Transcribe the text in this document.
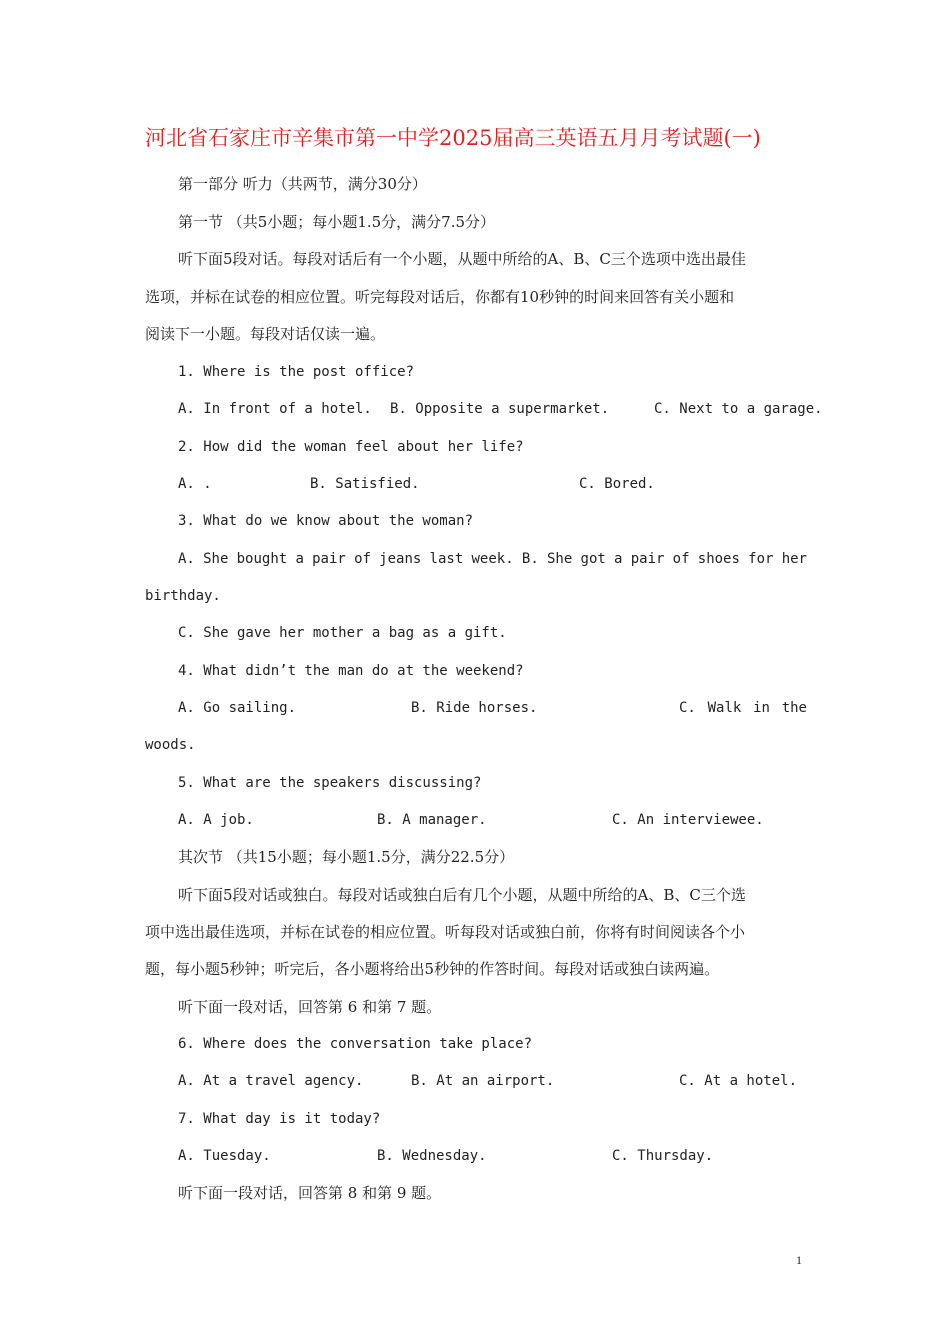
河北省石家庄市辛集市第一中学2025届高三英语五月月考试题(一)
第一部分 听力（共两节，满分30分）
第一节 （共5小题；每小题1.5分，满分7.5分）
听下面5段对话。每段对话后有一个小题，从题中所给的A、B、C三个选项中选出最佳
选项，并标在试卷的相应位置。听完每段对话后，你都有10秒钟的时间来回答有关小题和
阅读下一小题。每段对话仅读一遍。
1. Where is the post office?
A. In front of a hotel. B. Opposite a supermarket.	C. Next to a garage.
2. How did the woman feel about her life?
A. .	B. Satisfied.	C. Bored.
3. What do we know about the woman?
A. She bought a pair of jeans last week. B. She got a pair of shoes for her
birthday.
C. She gave her mother a bag as a gift.
4. What didn’t the man do at the weekend?
A. Go sailing.	B. Ride horses.	C. Walk in the
woods.
5. What are the speakers discussing?
A. A job.	B. A manager.	C. An interviewee.
其次节 （共15小题；每小题1.5分，满分22.5分）
听下面5段对话或独白。每段对话或独白后有几个小题，从题中所给的A、B、C三个选
项中选出最佳选项，并标在试卷的相应位置。听每段对话或独白前，你将有时间阅读各个小
题，每小题5秒钟；听完后，各小题将给出5秒钟的作答时间。每段对话或独白读两遍。
听下面一段对话，回答第 6 和第 7 题。
6. Where does the conversation take place?
A. At a travel agency.	B. At an airport.	C. At a hotel.
7. What day is it today?
A. Tuesday.	B. Wednesday.	C. Thursday.
听下面一段对话，回答第 8 和第 9 题。
1
